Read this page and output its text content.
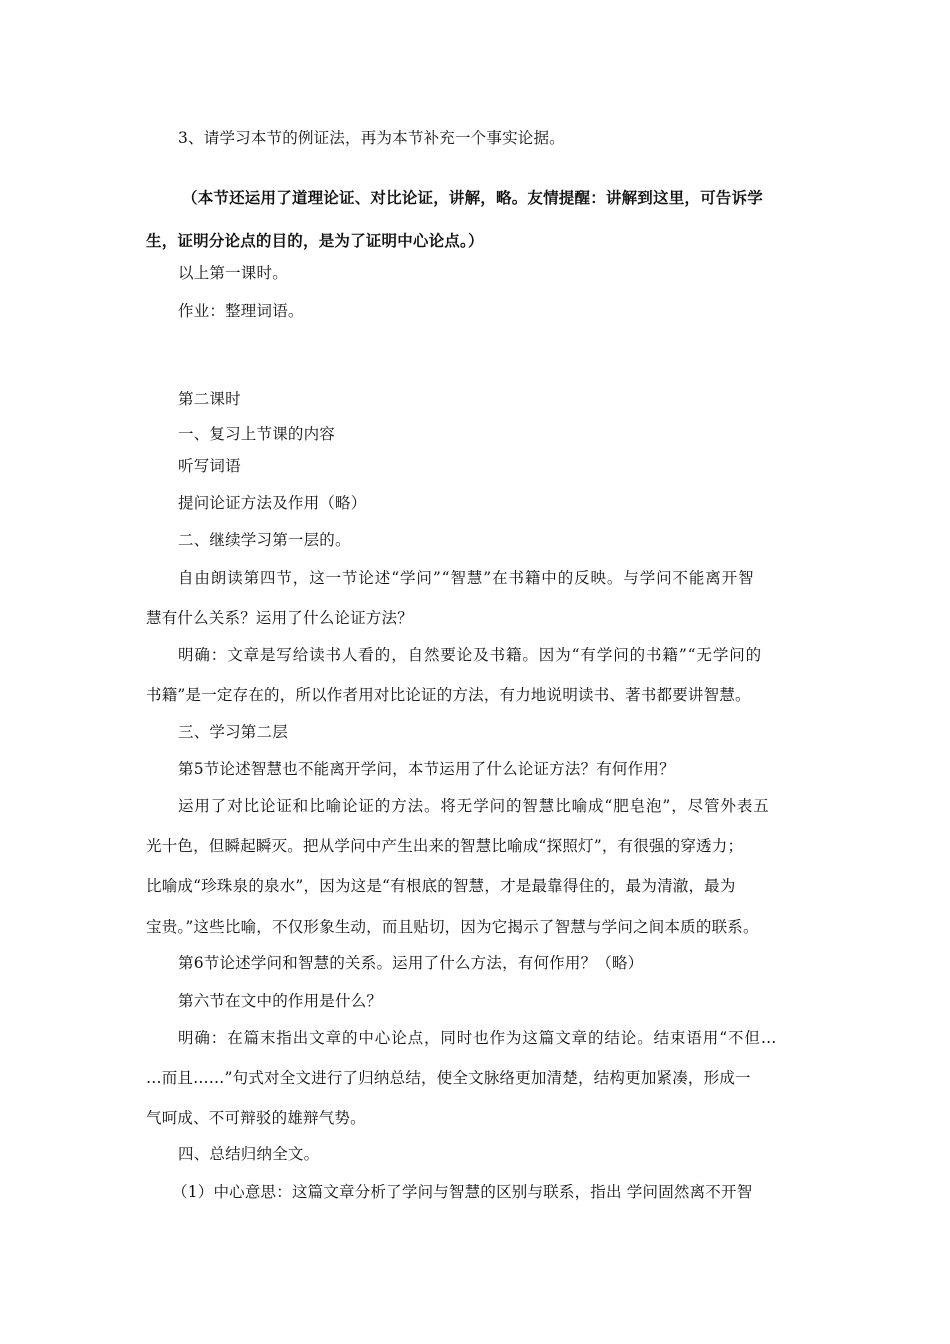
3、请学习本节的例证法，再为本节补充一个事实论据。
（本节还运用了道理论证、对比论证，讲解，略。友情提醒：讲解到这里，可告诉学
生，证明分论点的目的，是为了证明中心论点。）
以上第一课时。
作业：整理词语。
第二课时
一、复习上节课的内容
听写词语
提问论证方法及作用（略）
二、继续学习第一层的。
自由朗读第四节，这一节论述“学问”“智慧”在书籍中的反映。与学问不能离开智
慧有什么关系？运用了什么论证方法？
明确：文章是写给读书人看的，自然要论及书籍。因为“有学问的书籍”“无学问的
书籍”是一定存在的，所以作者用对比论证的方法，有力地说明读书、著书都要讲智慧。
三、学习第二层
第5节论述智慧也不能离开学问，本节运用了什么论证方法？有何作用？
运用了对比论证和比喻论证的方法。将无学问的智慧比喻成“肥皂泡”，尽管外表五
光十色，但瞬起瞬灭。把从学问中产生出来的智慧比喻成“探照灯”，有很强的穿透力；
比喻成“珍珠泉的泉水”，因为这是“有根底的智慧，才是最靠得住的，最为清澈，最为
宝贵。”这些比喻，不仅形象生动，而且贴切，因为它揭示了智慧与学问之间本质的联系。
第6节论述学问和智慧的关系。运用了什么方法，有何作用？（略）
第六节在文中的作用是什么？
明确：在篇末指出文章的中心论点，同时也作为这篇文章的结论。结束语用“不但…
…而且……”句式对全文进行了归纳总结，使全文脉络更加清楚，结构更加紧凑，形成一
气呵成、不可辩驳的雄辩气势。
四、总结归纳全文。
（1）中心意思：这篇文章分析了学问与智慧的区别与联系，指出 学问固然离不开智
